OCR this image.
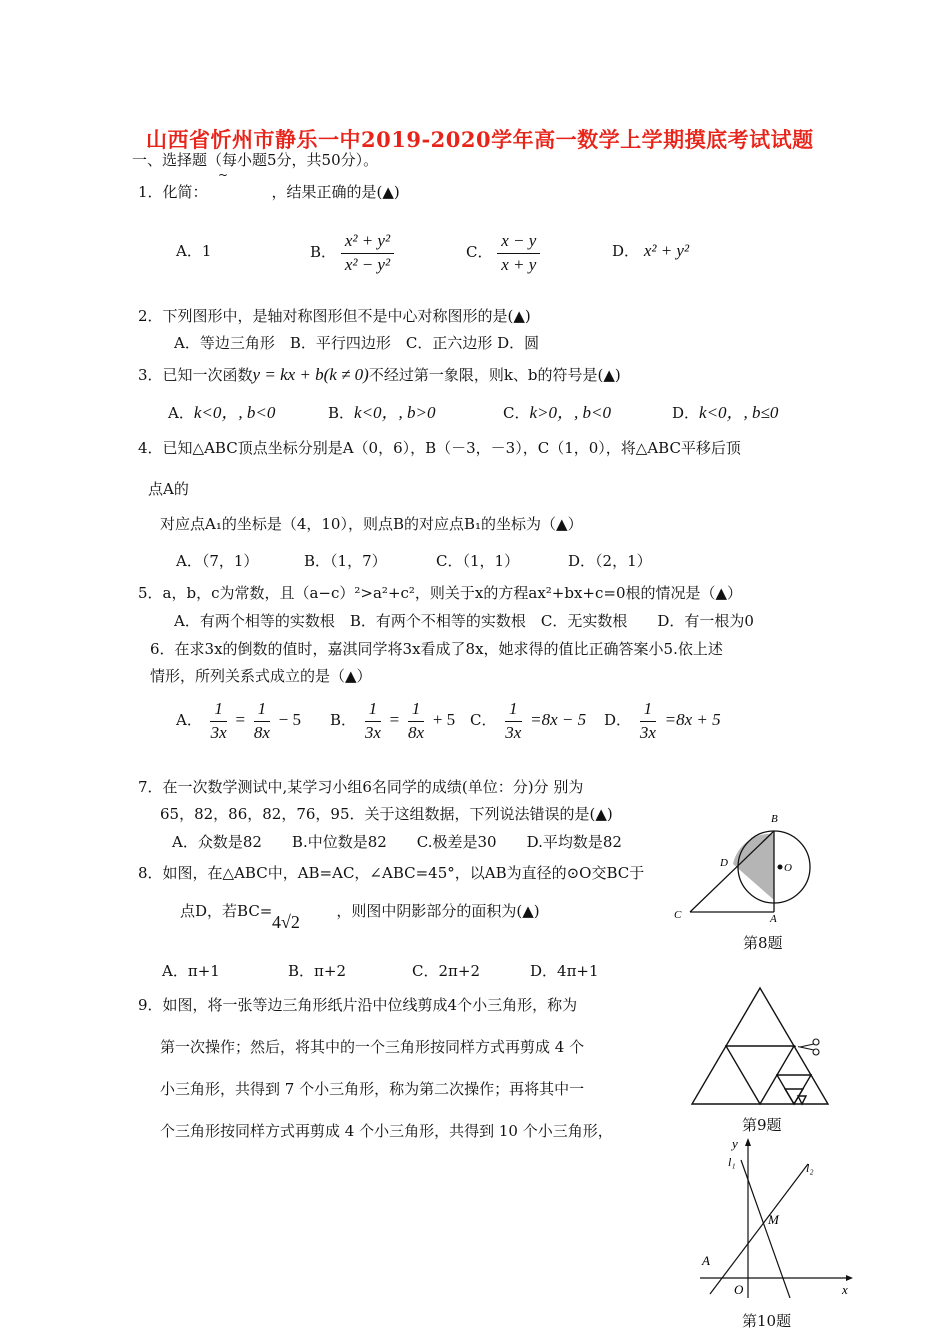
山西省忻州市静乐一中2019-2020学年高一数学上学期摸底考试试题
一、选择题（每小题5分，共50分）。
1．化简：	，结果正确的是(▲)
~
A．1	B． $\frac{\text{x² + y²}}{\text{x² − y²}}$	C． $\frac{x - y}{x + y}$	D． x² + y²
2．下列图形中，是轴对称图形但不是中心对称图形的是(▲)
A．等边三角形　B．平行四边形　C．正六边形 D．圆
3．已知一次函数y = kx + b(k ≠ 0)不经过第一象限，则k、b的符号是(▲)
A．k<0，, b<0	B．k<0，, b>0	C．k>0，, b<0	D．k<0，, b≤0
4．已知△ABC顶点坐标分别是A（0，6），B（－3，－3），C（1，0），将△ABC平移后顶
点A的
对应点A₁的坐标是（4，10），则点B的对应点B₁的坐标为（▲）
A．（7，1）	B．（1，7）	C．（1，1）	D．（2，1）
5．a，b，c为常数，且（a−c）²>a²+c²，则关于x的方程ax²+bx+c=0根的情况是（▲）
A．有两个相等的实数根　B．有两个不相等的实数根　C．无实数根　　D．有一根为0
6．在求3x的倒数的值时，嘉淇同学将3x看成了8x，她求得的值比正确答案小5.依上述
情形，所列关系式成立的是（▲）
A． $\frac{1}{3x} = \frac{1}{8x} - 5$ B． $\frac{1}{3x} = \frac{1}{8x} + 5$ C． $\frac{1}{3x} =8x - 5$ D． $\frac{1}{3x} =8x + 5$
7．在一次数学测试中,某学习小组6名同学的成绩(单位：分)分 别为
65，82，86，82，76，95．关于这组数据，下列说法错误的是(▲)
A．众数是82　　B.中位数是82　　C.极差是30　　D.平均数是82
8．如图，在△ABC中，AB=AC，∠ABC=45°，以AB为直径的⊙O交BC于
点D，若BC=	，则图中阴影部分的面积为(▲)
4√2
A．π+1	B．π+2	C．2π+2	D．4π+1
B
O
D
C	A
第8题
9．如图，将一张等边三角形纸片沿中位线剪成4个小三角形，称为
第一次操作；然后，将其中的一个三角形按同样方式再剪成 4 个
小三角形，共得到 7 个小三角形，称为第二次操作；再将其中一
个三角形按同样方式再剪成 4 个小三角形，共得到 10 个小三角形，	第9题
y
l₁	l₂
M
A
O	x
第10题
